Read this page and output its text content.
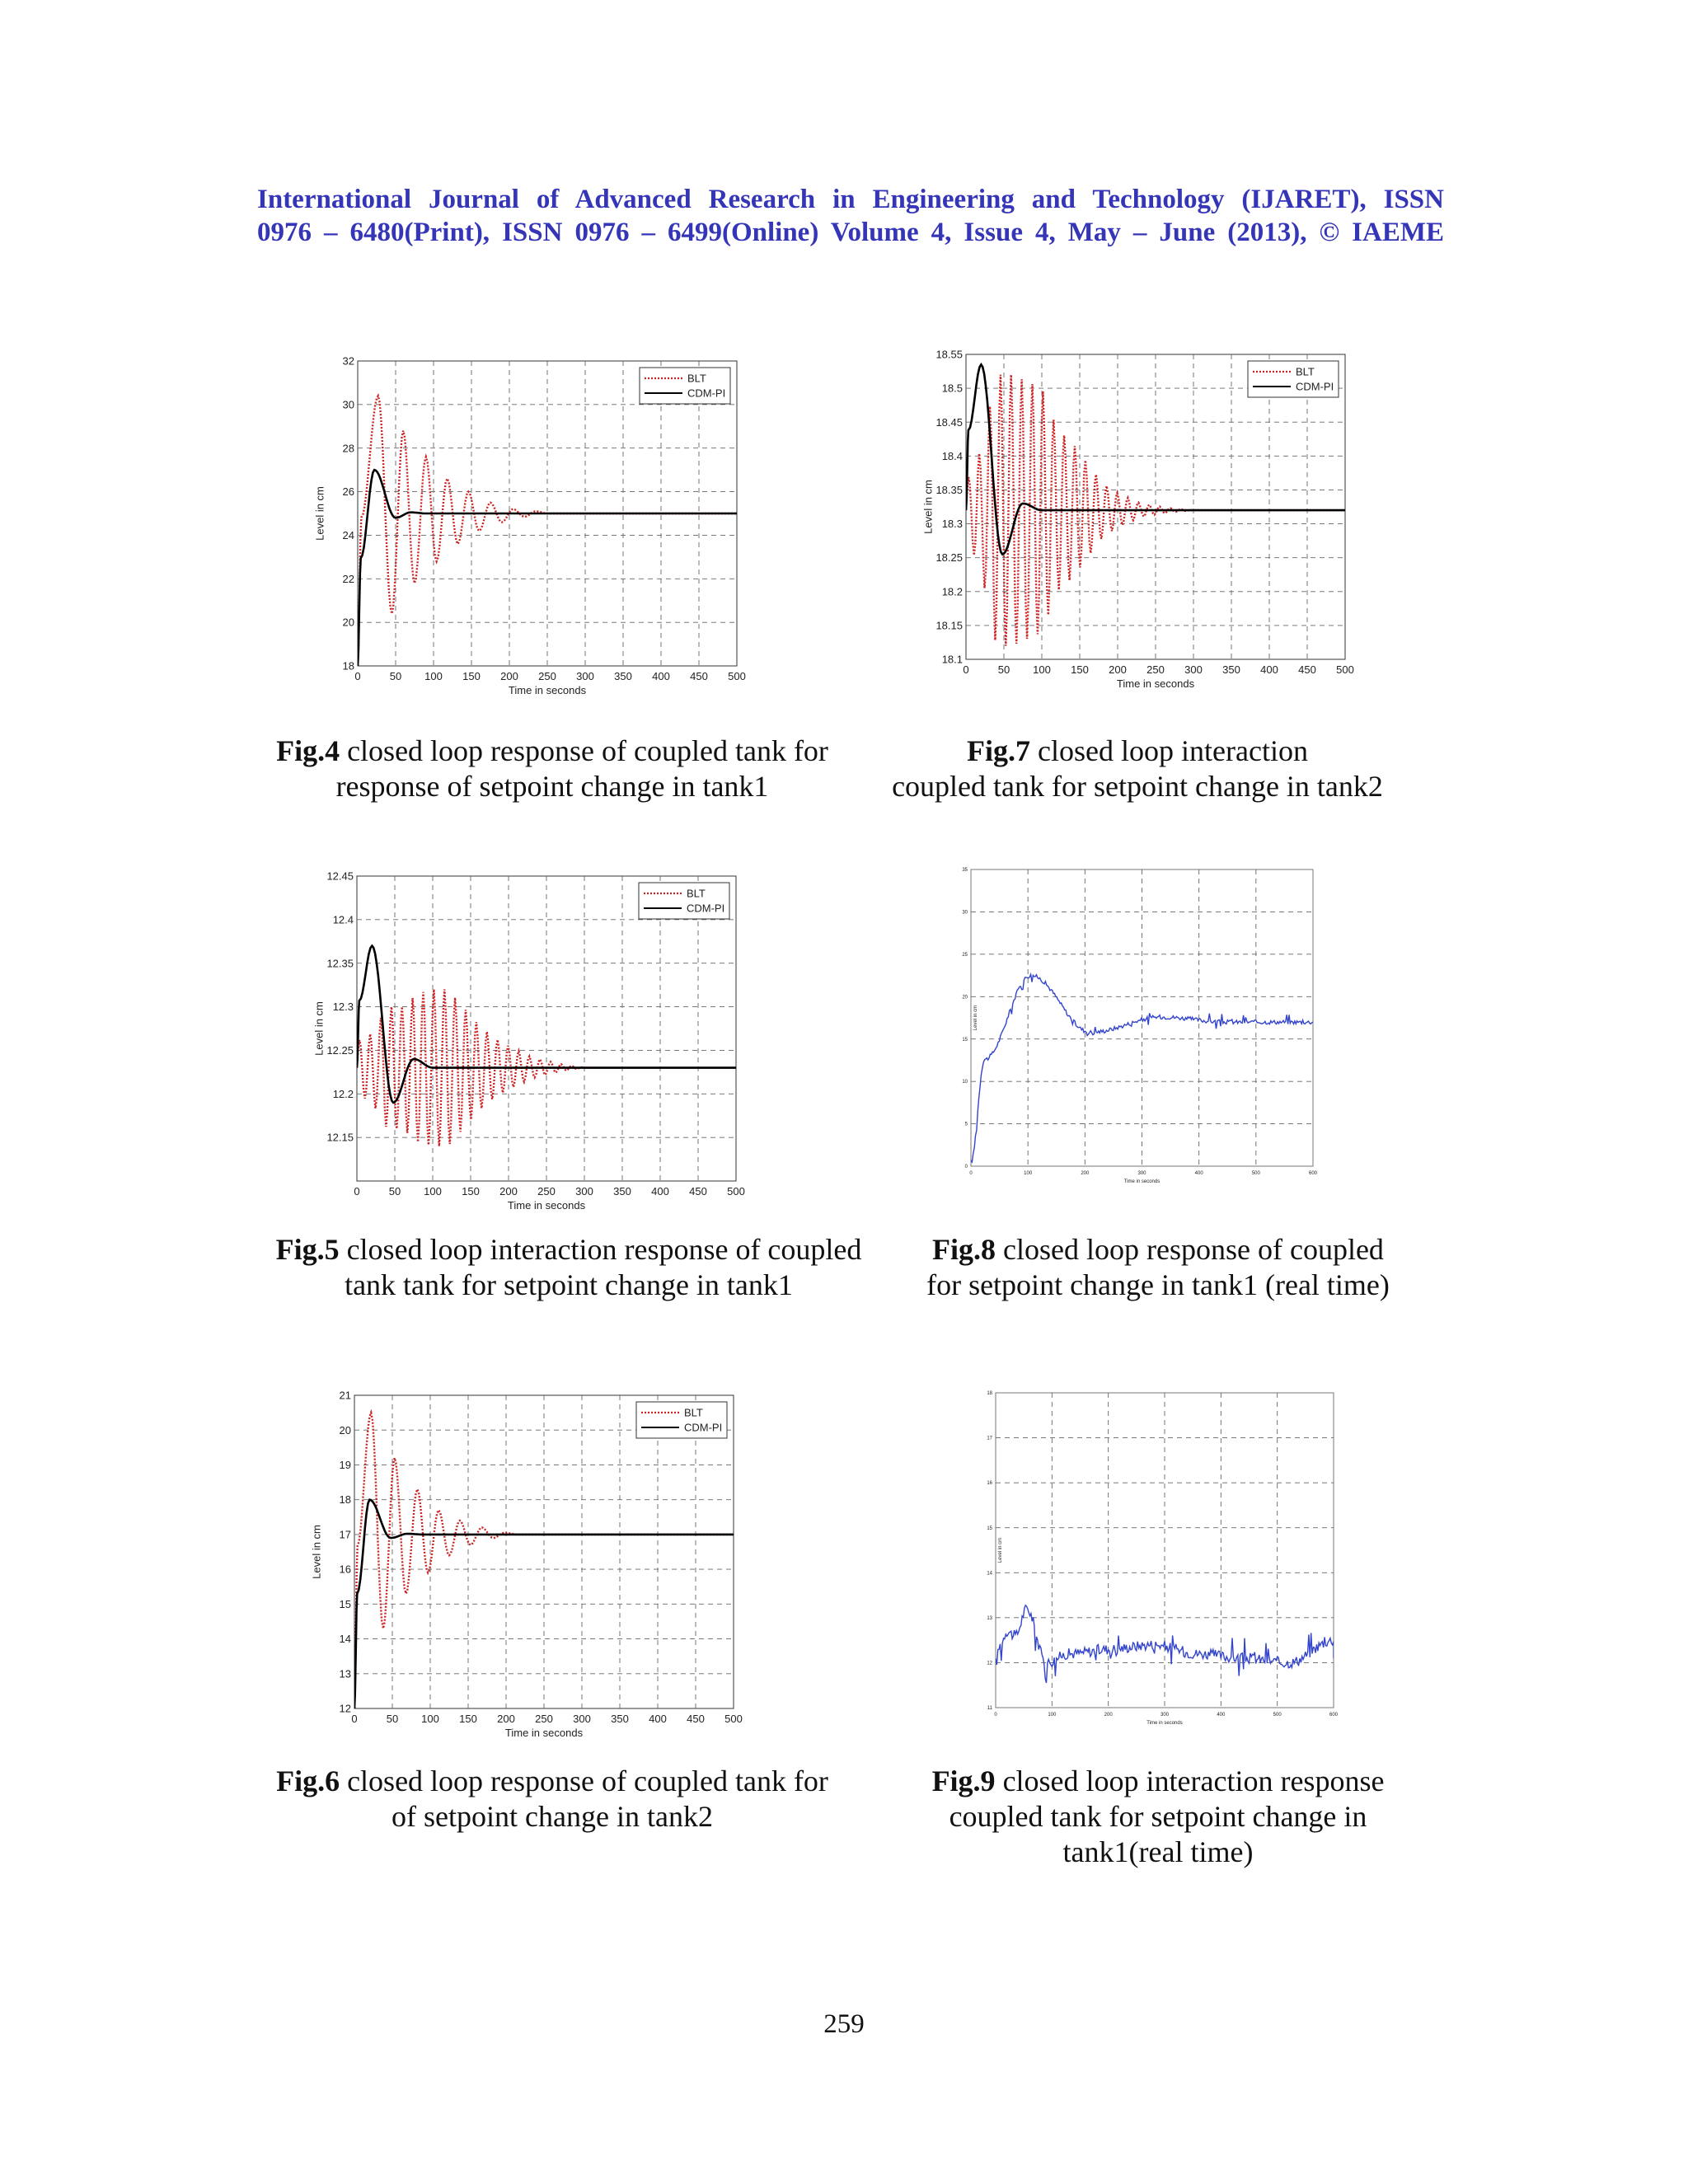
International Journal of Advanced Research in Engineering and Technology (IJARET), ISSN
0976 – 6480(Print), ISSN 0976 – 6499(Online) Volume 4, Issue 4, May – June (2013), © IAEME
0	50 100 150 200 250 300 350 400 450 500
18
20
22
24
26
28
30
32
Time in seconds
Level in cm
BLT
CDM-PI
Fig.4 closed loop response of coupled tank for
response of setpoint change in tank1
0	50 100 150 200 250 300 350 400 450 500
18.1
18.15
18.2
18.25
18.3
18.35
18.4
18.45
18.5
18.55
Time in seconds
Level in cm
BLT
CDM-PI
Fig.7 closed loop interaction
coupled tank for setpoint change in tank2
0	50 100 150 200 250 300 350 400 450 500
12.15
12.2
12.25
12.3
12.35
12.4
12.45
Time in seconds
Level in cm
BLT
CDM-PI
Fig.5 closed loop interaction response of coupled
tank tank for setpoint change in tank1
0	100	200	300	400	500	600
0
5
10
15
20
25
30
35
Time in seconds
Level in cm
Fig.8 closed loop response of coupled
for setpoint change in tank1 (real time)
0	50 100 150 200 250 300 350 400 450 500
12
13
14
15
16
17
18
19
20
21
Time in seconds
Level in cm
BLT
CDM-PI
Fig.6 closed loop response of coupled tank for
of setpoint change in tank2
0	100	200	300	400	500	600
11
12
13
14
15
16
17
18
Time in seconds
Level in cm
Fig.9 closed loop interaction response
coupled tank for setpoint change in
tank1(real time)
259
